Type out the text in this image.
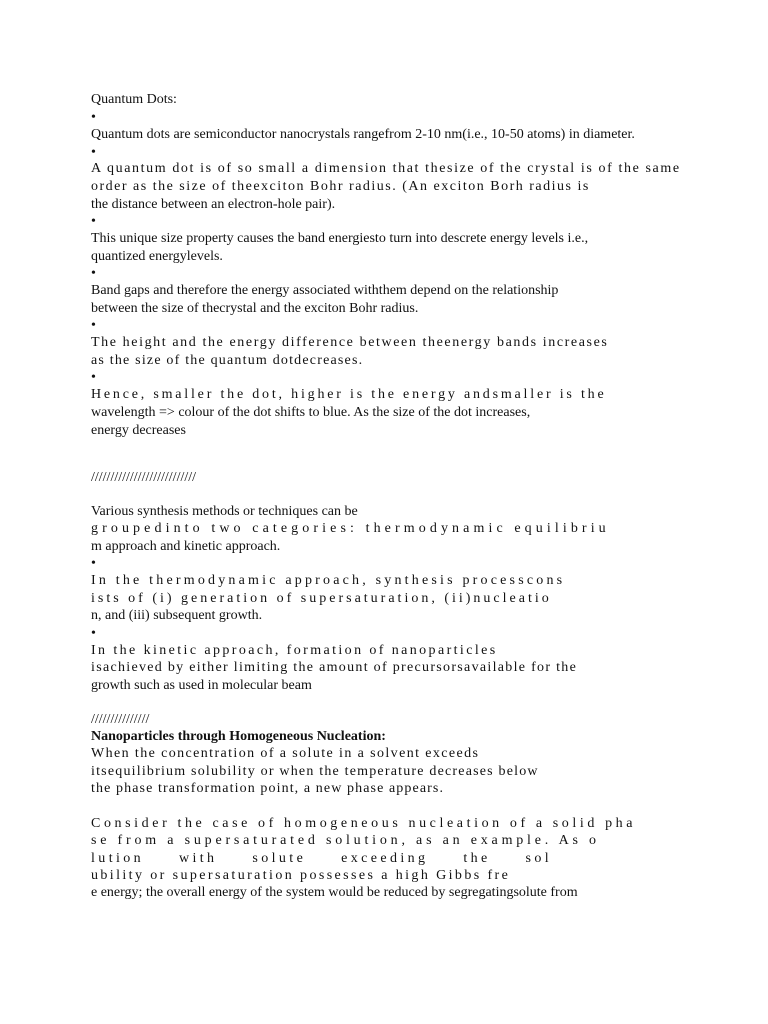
Quantum Dots:
•
Quantum dots are semiconductor nanocrystals rangefrom 2-10 nm(i.e., 10-50 atoms) in diameter.
•
A quantum dot is of so small a dimension that thesize of the crystal is of the same
order as the size of theexciton Bohr radius. (An exciton Borh radius is
the distance between an electron-hole pair).
•
This unique size property causes the band energiesto turn into descrete energy levels i.e.,
quantized energylevels.
•
Band gaps and therefore the energy associated withthem depend on the relationship
between the size of thecrystal and the exciton Bohr radius.
•
The height and the energy difference between theenergy bands increases
as the size of the quantum dotdecreases.
•
Hence, smaller the dot, higher is the energy andsmaller is the
wavelength => colour of the dot shifts to blue. As the size of the dot increases,
energy decreases
///////////////////////////
Various synthesis methods or techniques can be
groupedinto two categories: thermodynamic equilibriu
m approach and kinetic approach.
•
In the thermodynamic approach, synthesis processcons
ists of (i) generation of supersaturation, (ii)nucleatio
n, and (iii) subsequent growth.
•
In the kinetic approach, formation of nanoparticles
isachieved by either limiting the amount of precursorsavailable for the
growth such as used in molecular beam
///////////////
Nanoparticles through Homogeneous Nucleation:
When the concentration of a solute in a solvent exceeds
itsequilibrium solubility or when the temperature decreases below
the phase transformation point, a new phase appears.
Consider the case of homogeneous nucleation of a solid pha
se from a supersaturated solution, as an example. As o
lution with solute exceeding the sol
ubility or supersaturation possesses a high Gibbs fre
e energy; the overall energy of the system would be reduced by segregatingsolute from
